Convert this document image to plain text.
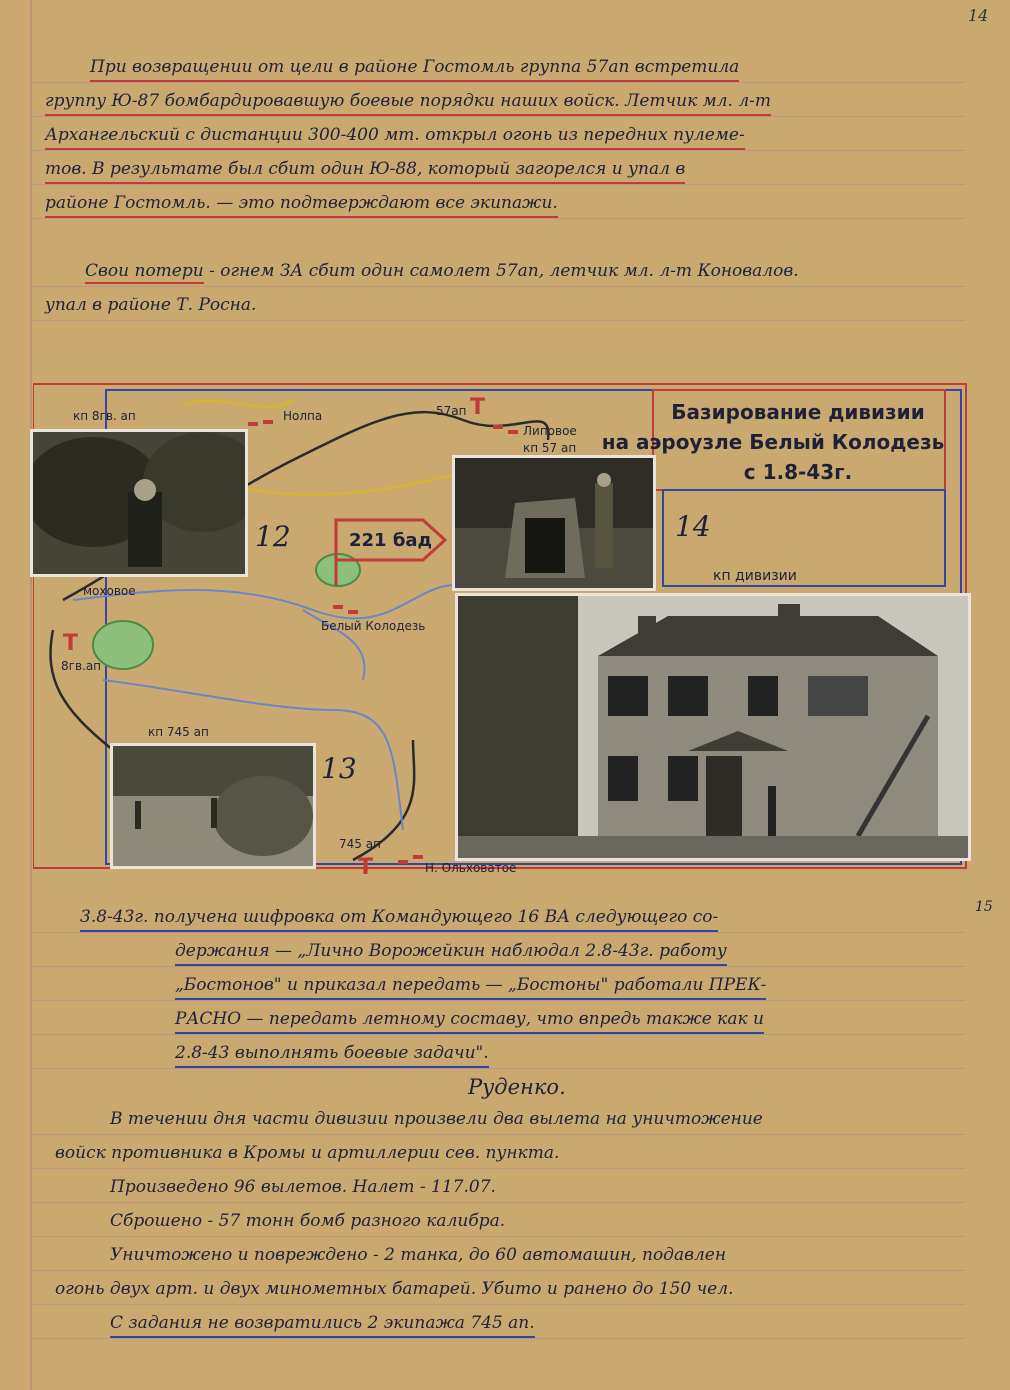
14
При возвращении от цели в районе Гостомль группа 57ап встретила
группу Ю-87 бомбардировавшую боевые порядки наших войск. Летчик мл. л-т
Архангельский с дистанции 300-400 мт. открыл огонь из передних пулеме-
тов. В результате был сбит один Ю-88, который загорелся и упал в
районе Гостомль. — это подтверждают все экипажи.
Свои потери - огнем ЗА сбит один самолет 57ап, летчик мл. л-т Коновалов.
упал в районе Т. Росна.
Нолпа
Липовое
кп 57 ап
57ап
кп 8гв. ап
моховое
8гв.ап
Белый Колодезь
кп 745 ап
745 ап
Н. Ольховатое
Т
Т
Т
221 бад
Базирование дивизии
на аэроузле Белый Колодезь
с 1.8-43г.
14
кп дивизии
12
13
15
3.8-43г. получена шифровка от Командующего 16 ВА следующего со-
держания — „Лично Ворожейкин наблюдал 2.8-43г. работу
„Бостонов" и приказал передать — „Бостоны" работали ПРЕК-
РАСНО — передать летному составу, что впредь также как и
2.8-43 выполнять боевые задачи".
Руденко.
В течении дня части дивизии произвели два вылета на уничтожение
войск противника в Кромы и артиллерии сев. пункта.
Произведено 96 вылетов. Налет - 117.07.
Сброшено - 57 тонн бомб разного калибра.
Уничтожено и повреждено - 2 танка, до 60 автомашин, подавлен
огонь двух арт. и двух минометных батарей. Убито и ранено до 150 чел.
С задания не возвратились 2 экипажа 745 ап.
